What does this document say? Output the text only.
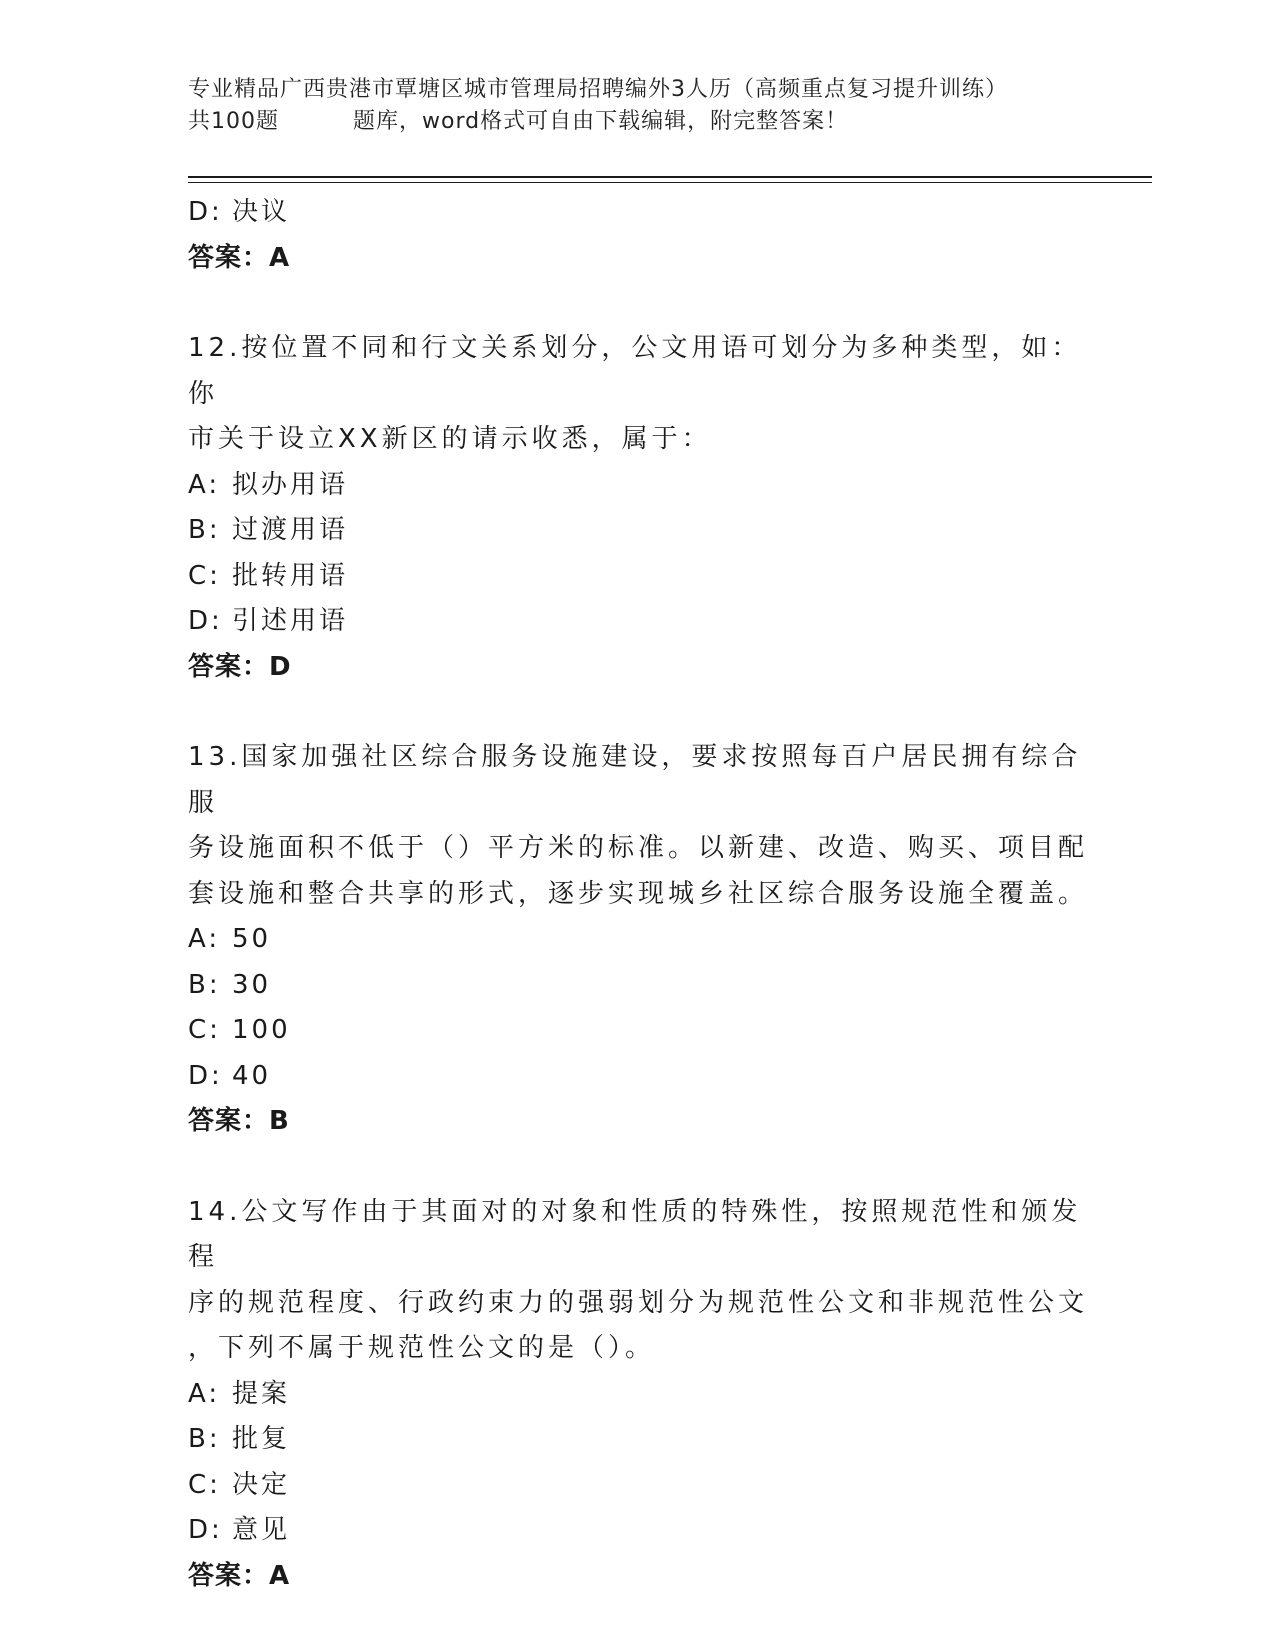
专业精品广西贵港市覃塘区城市管理局招聘编外3人历（高频重点复习提升训练）
共100题	题库，word格式可自由下载编辑，附完整答案！
D: 决议
答案：A
12.按位置不同和行文关系划分，公文用语可划分为多种类型，如：你
市关于设立XX新区的请示收悉，属于：
A: 拟办用语
B: 过渡用语
C: 批转用语
D: 引述用语
答案：D
13.国家加强社区综合服务设施建设，要求按照每百户居民拥有综合服
务设施面积不低于（）平方米的标准。以新建、改造、购买、项目配
套设施和整合共享的形式，逐步实现城乡社区综合服务设施全覆盖。
A: 50
B: 30
C: 100
D: 40
答案：B
14.公文写作由于其面对的对象和性质的特殊性，按照规范性和颁发程
序的规范程度、行政约束力的强弱划分为规范性公文和非规范性公文
，下列不属于规范性公文的是（）。
A: 提案
B: 批复
C: 决定
D: 意见
答案：A
